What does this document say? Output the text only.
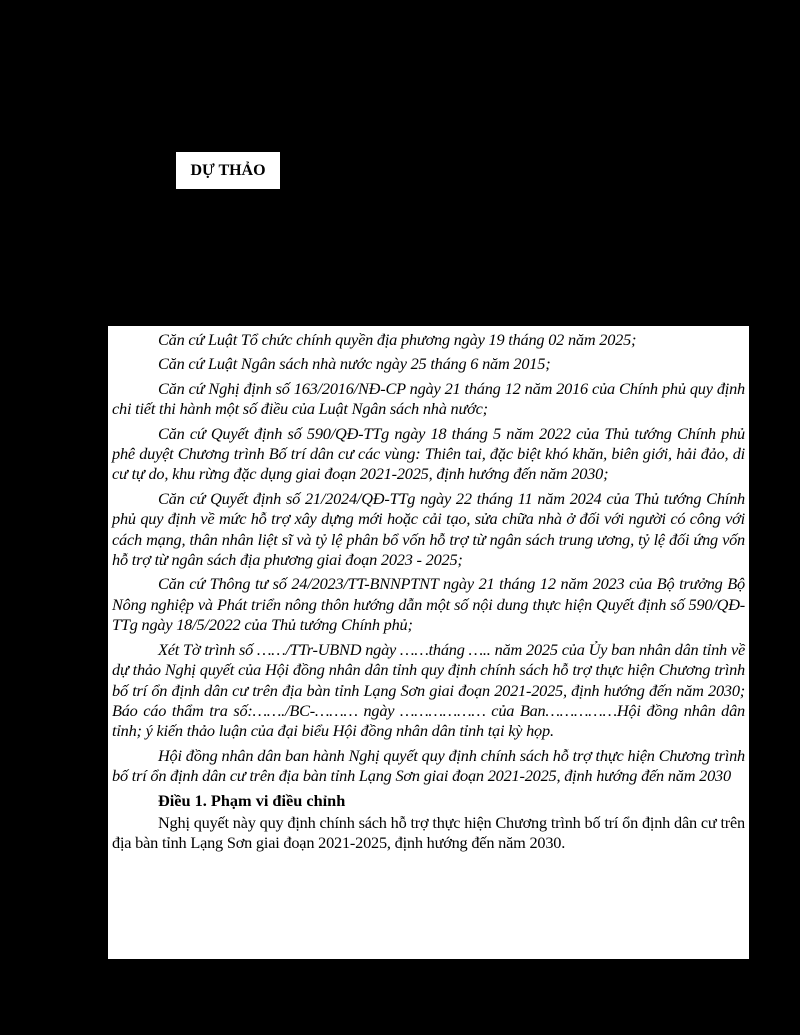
DỰ THẢO

Căn cứ Luật Tổ chức chính quyền địa phương ngày 19 tháng 02 năm 2025;

Căn cứ Luật Ngân sách nhà nước ngày 25 tháng 6 năm 2015;

Căn cứ Nghị định số 163/2016/NĐ-CP ngày 21 tháng 12 năm 2016 của Chính phủ quy định chi tiết thi hành một số điều của Luật Ngân sách nhà nước;

Căn cứ Quyết định số 590/QĐ-TTg ngày 18 tháng 5 năm 2022 của Thủ tướng Chính phủ phê duyệt Chương trình Bố trí dân cư các vùng: Thiên tai, đặc biệt khó khăn, biên giới, hải đảo, di cư tự do, khu rừng đặc dụng giai đoạn 2021-2025, định hướng đến năm 2030;

Căn cứ Quyết định số 21/2024/QĐ-TTg ngày 22 tháng 11 năm 2024 của Thủ tướng Chính phủ quy định về mức hỗ trợ xây dựng mới hoặc cải tạo, sửa chữa nhà ở đối với người có công với cách mạng, thân nhân liệt sĩ và tỷ lệ phân bổ vốn hỗ trợ từ ngân sách trung ương, tỷ lệ đối ứng vốn hỗ trợ từ ngân sách địa phương giai đoạn 2023 - 2025;

Căn cứ Thông tư số 24/2023/TT-BNNPTNT ngày 21 tháng 12 năm 2023 của Bộ trưởng Bộ Nông nghiệp và Phát triển nông thôn hướng dẫn một số nội dung thực hiện Quyết định số 590/QĐ-TTg ngày 18/5/2022 của Thủ tướng Chính phủ;

Xét Tờ trình số ……/TTr-UBND ngày ……tháng ….. năm 2025 của Ủy ban nhân dân tỉnh về dự thảo Nghị quyết của Hội đồng nhân dân tỉnh quy định chính sách hỗ trợ thực hiện Chương trình bố trí ổn định dân cư trên địa bàn tỉnh Lạng Sơn giai đoạn 2021-2025, định hướng đến năm 2030; Báo cáo thẩm tra số:……./BC-……… ngày ……………… của Ban……………Hội đồng nhân dân tỉnh; ý kiến thảo luận của đại biểu Hội đồng nhân dân tỉnh tại kỳ họp.

Hội đồng nhân dân ban hành Nghị quyết quy định chính sách hỗ trợ thực hiện Chương trình bố trí ổn định dân cư trên địa bàn tỉnh Lạng Sơn giai đoạn 2021-2025, định hướng đến năm 2030

Điều 1. Phạm vi điều chỉnh

Nghị quyết này quy định chính sách hỗ trợ thực hiện Chương trình bố trí ổn định dân cư trên địa bàn tỉnh Lạng Sơn giai đoạn 2021-2025, định hướng đến năm 2030.
